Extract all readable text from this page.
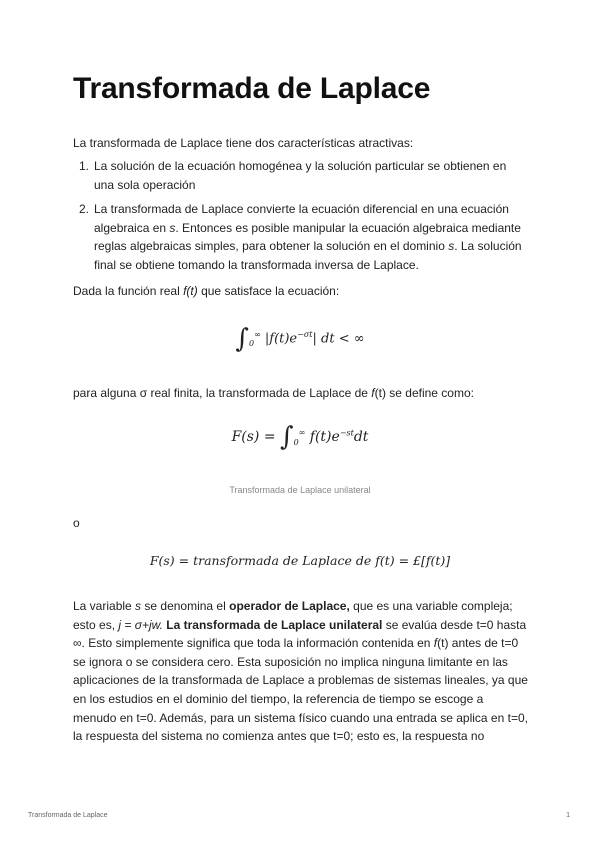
Transformada de Laplace
La transformada de Laplace tiene dos características atractivas:
1. La solución de la ecuación homogénea y la solución particular se obtienen en una sola operación
2. La transformada de Laplace convierte la ecuación diferencial en una ecuación algebraica en s. Entonces es posible manipular la ecuación algebraica mediante reglas algebraicas simples, para obtener la solución en el dominio s. La solución final se obtiene tomando la transformada inversa de Laplace.
Dada la función real f(t) que satisface la ecuación:
$\int_0^\infty$ $|f(t)e^{-\sigma t}|$ dt < ∞
para alguna σ real finita, la transformada de Laplace de f(t) se define como:
$F(s) = \int_0^\infty$ $f(t)e^{-st}dt$
Transformada de Laplace unilateral
o
F(s) = transformada de Laplace de f(t) = £[f(t)]
La variable s se denomina el operador de Laplace, que es una variable compleja; esto es, j = σ+jw. La transformada de Laplace unilateral se evalúa desde t=0 hasta ∞. Esto simplemente significa que toda la información contenida en f(t) antes de t=0 se ignora o se considera cero. Esta suposición no implica ninguna limitante en las aplicaciones de la transformada de Laplace a problemas de sistemas lineales, ya que en los estudios en el dominio del tiempo, la referencia de tiempo se escoge a menudo en t=0. Además, para un sistema físico cuando una entrada se aplica en t=0, la respuesta del sistema no comienza antes que t=0; esto es, la respuesta no
Transformada de Laplace	1
